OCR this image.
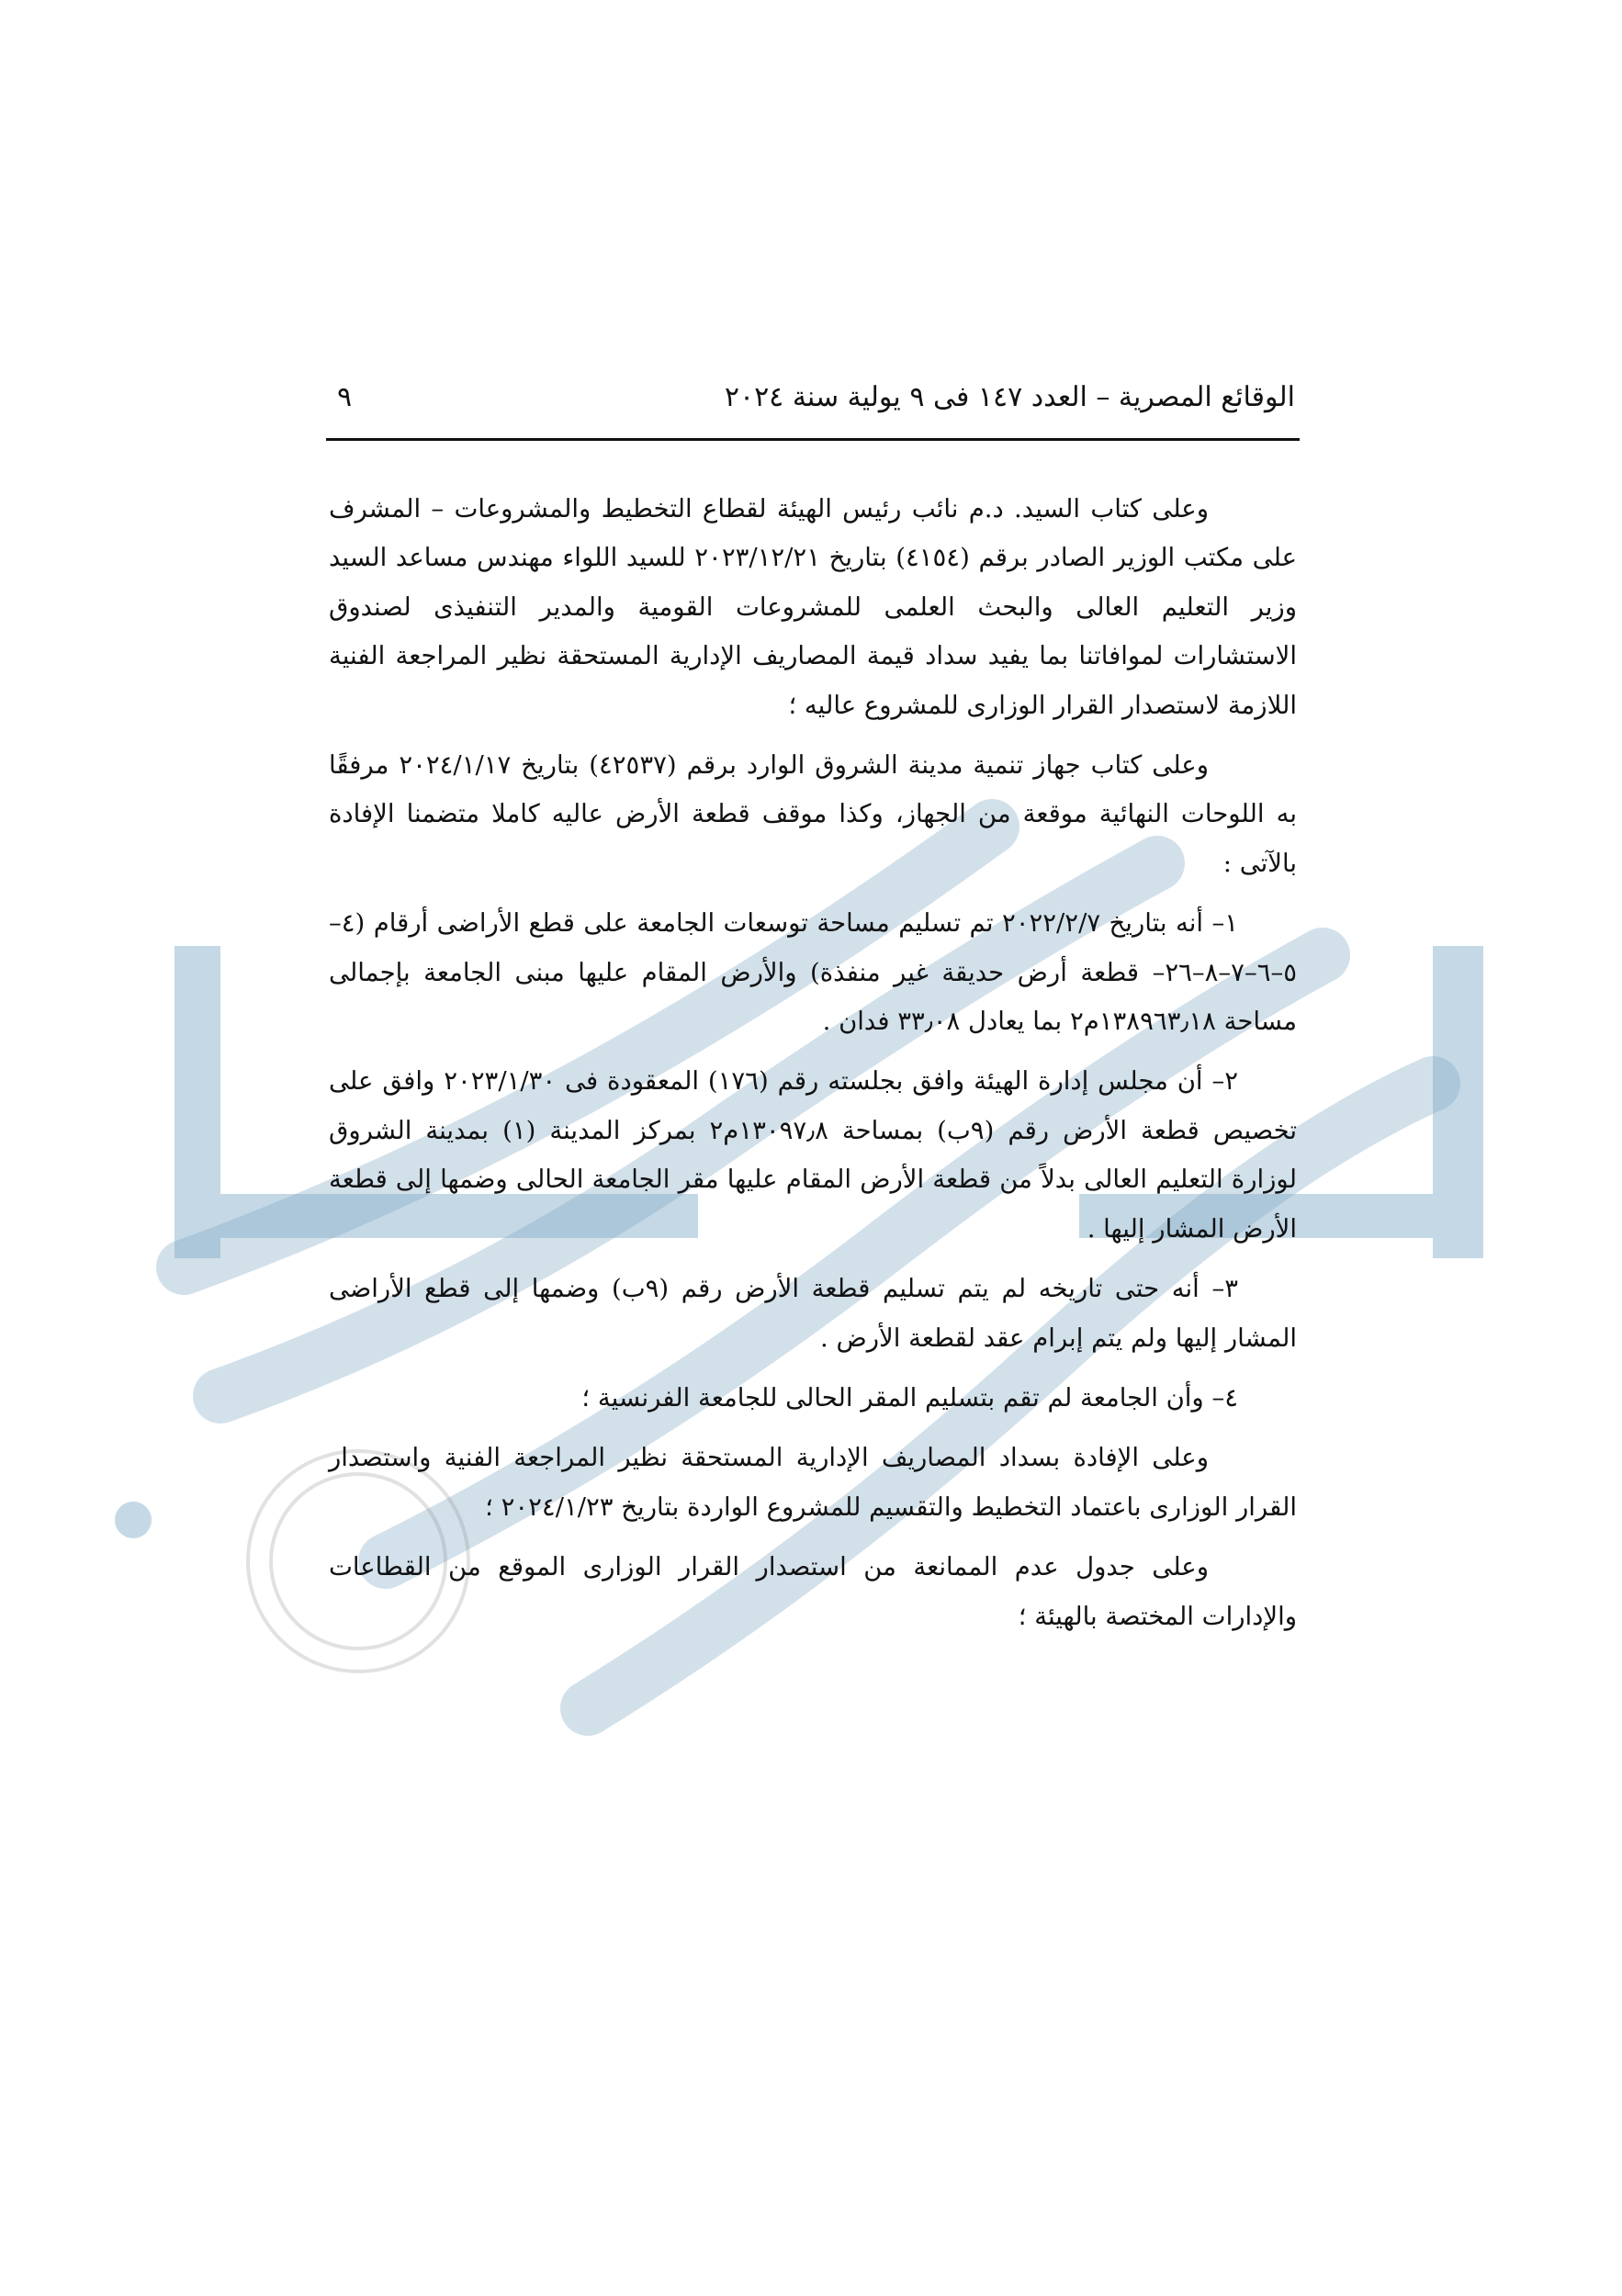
الوقائع المصرية – العدد ١٤٧ فى ٩ يولية سنة ٢٠٢٤
٩

وعلى كتاب السيد. د.م نائب رئيس الهيئة لقطاع التخطيط والمشروعات – المشرف على مكتب الوزير الصادر برقم (٤١٥٤) بتاريخ ٢٠٢٣/١٢/٢١ للسيد اللواء مهندس مساعد السيد وزير التعليم العالى والبحث العلمى للمشروعات القومية والمدير التنفيذى لصندوق الاستشارات لموافاتنا بما يفيد سداد قيمة المصاريف الإدارية المستحقة نظير المراجعة الفنية اللازمة لاستصدار القرار الوزارى للمشروع عاليه ؛

وعلى كتاب جهاز تنمية مدينة الشروق الوارد برقم (٤٢٥٣٧) بتاريخ ٢٠٢٤/١/١٧ مرفقًا به اللوحات النهائية موقعة من الجهاز، وكذا موقف قطعة الأرض عاليه كاملا متضمنا الإفادة بالآتى :

١– أنه بتاريخ ٢٠٢٢/٢/٧ تم تسليم مساحة توسعات الجامعة على قطع الأراضى أرقام (٤–٥–٦–٧–٨–٢٦– قطعة أرض حديقة غير منفذة) والأرض المقام عليها مبنى الجامعة بإجمالى مساحة ١٣٨٩٦٣٫١٨م٢ بما يعادل ٣٣٫٠٨ فدان .

٢– أن مجلس إدارة الهيئة وافق بجلسته رقم (١٧٦) المعقودة فى ٢٠٢٣/١/٣٠ وافق على تخصيص قطعة الأرض رقم (٩ب) بمساحة ١٣٠٩٧٫٨م٢ بمركز المدينة (١) بمدينة الشروق لوزارة التعليم العالى بدلاً من قطعة الأرض المقام عليها مقر الجامعة الحالى وضمها إلى قطعة الأرض المشار إليها .

٣– أنه حتى تاريخه لم يتم تسليم قطعة الأرض رقم (٩ب) وضمها إلى قطع الأراضى المشار إليها ولم يتم إبرام عقد لقطعة الأرض .

٤– وأن الجامعة لم تقم بتسليم المقر الحالى للجامعة الفرنسية ؛

وعلى الإفادة بسداد المصاريف الإدارية المستحقة نظير المراجعة الفنية واستصدار القرار الوزارى باعتماد التخطيط والتقسيم للمشروع الواردة بتاريخ ٢٠٢٤/١/٢٣ ؛

وعلى جدول عدم الممانعة من استصدار القرار الوزارى الموقع من القطاعات والإدارات المختصة بالهيئة ؛
